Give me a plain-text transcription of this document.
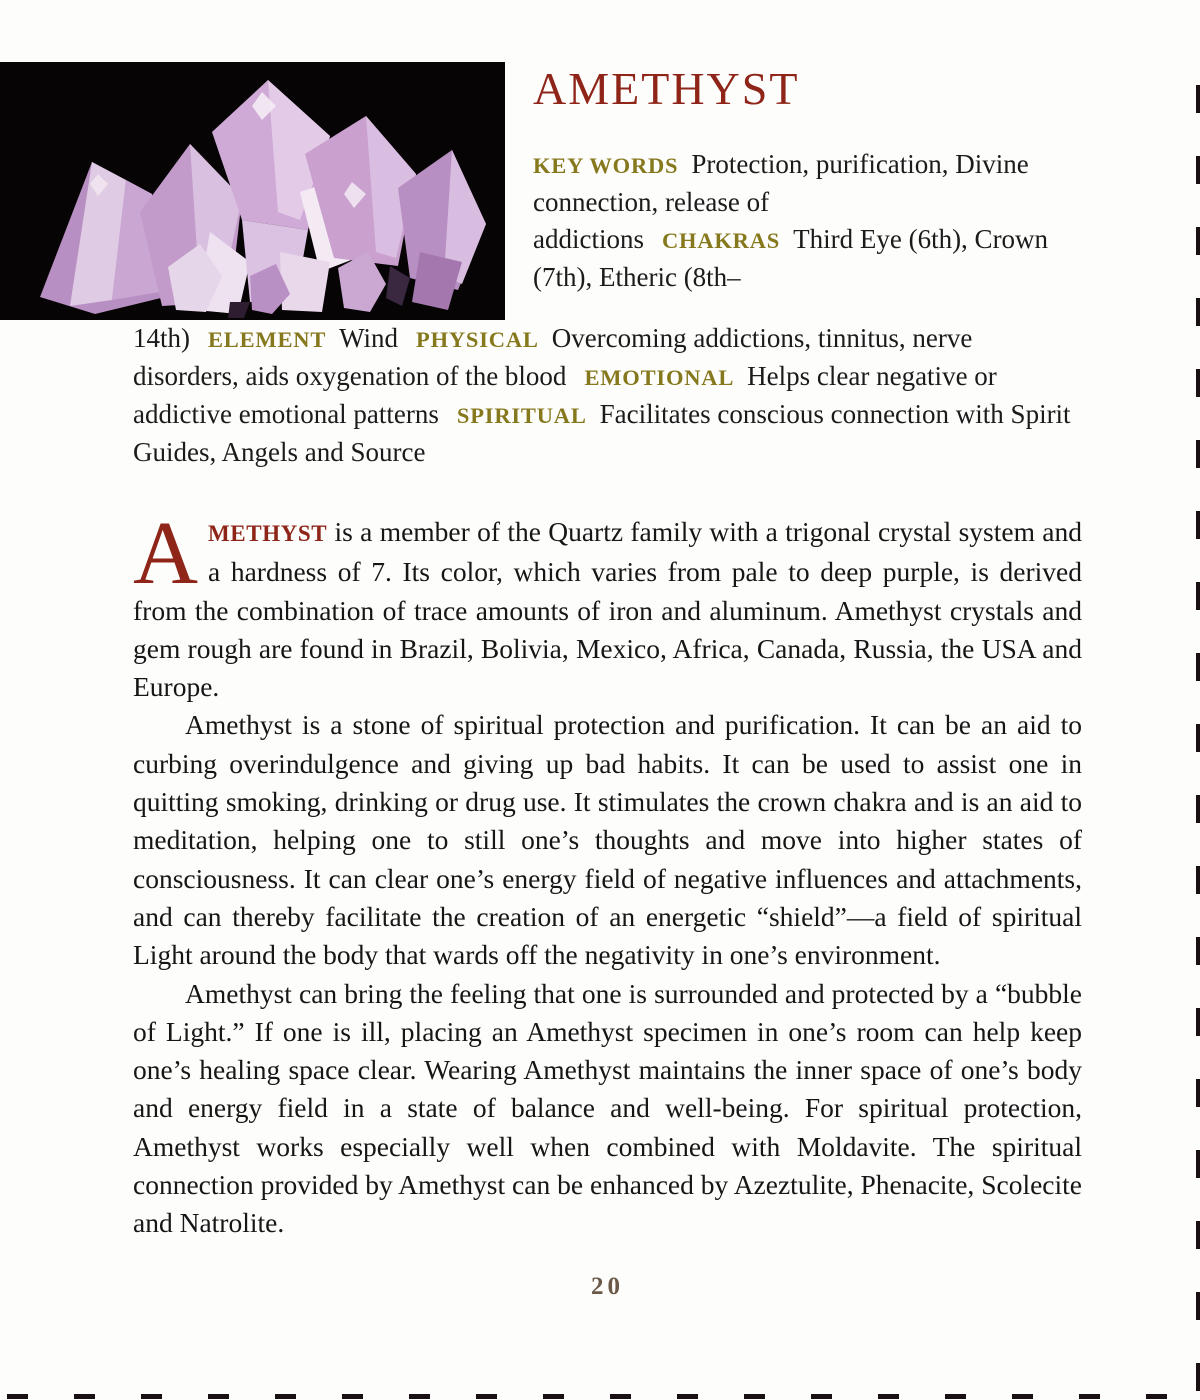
AMETHYST

KEY WORDS Protection, purification, Divine connection, release of addictions CHAKRAS Third Eye (6th), Crown (7th), Etheric (8th–14th) ELEMENT Wind PHYSICAL Overcoming addictions, tinnitus, nerve disorders, aids oxygenation of the blood EMOTIONAL Helps clear negative or addictive emotional patterns SPIRITUAL Facilitates conscious connection with Spirit Guides, Angels and Source

AMETHYST is a member of the Quartz family with a trigonal crystal system and a hardness of 7. Its color, which varies from pale to deep purple, is derived from the combination of trace amounts of iron and aluminum. Amethyst crystals and gem rough are found in Brazil, Bolivia, Mexico, Africa, Canada, Russia, the USA and Europe.

Amethyst is a stone of spiritual protection and purification. It can be an aid to curbing overindulgence and giving up bad habits. It can be used to assist one in quitting smoking, drinking or drug use. It stimulates the crown chakra and is an aid to meditation, helping one to still one’s thoughts and move into higher states of consciousness. It can clear one’s energy field of negative influences and attachments, and can thereby facilitate the creation of an energetic “shield”—a field of spiritual Light around the body that wards off the negativity in one’s environment.

Amethyst can bring the feeling that one is surrounded and protected by a “bubble of Light.” If one is ill, placing an Amethyst specimen in one’s room can help keep one’s healing space clear. Wearing Amethyst maintains the inner space of one’s body and energy field in a state of balance and well-being. For spiritual protection, Amethyst works especially well when combined with Moldavite. The spiritual connection provided by Amethyst can be enhanced by Azeztulite, Phenacite, Scolecite and Natrolite.

20
